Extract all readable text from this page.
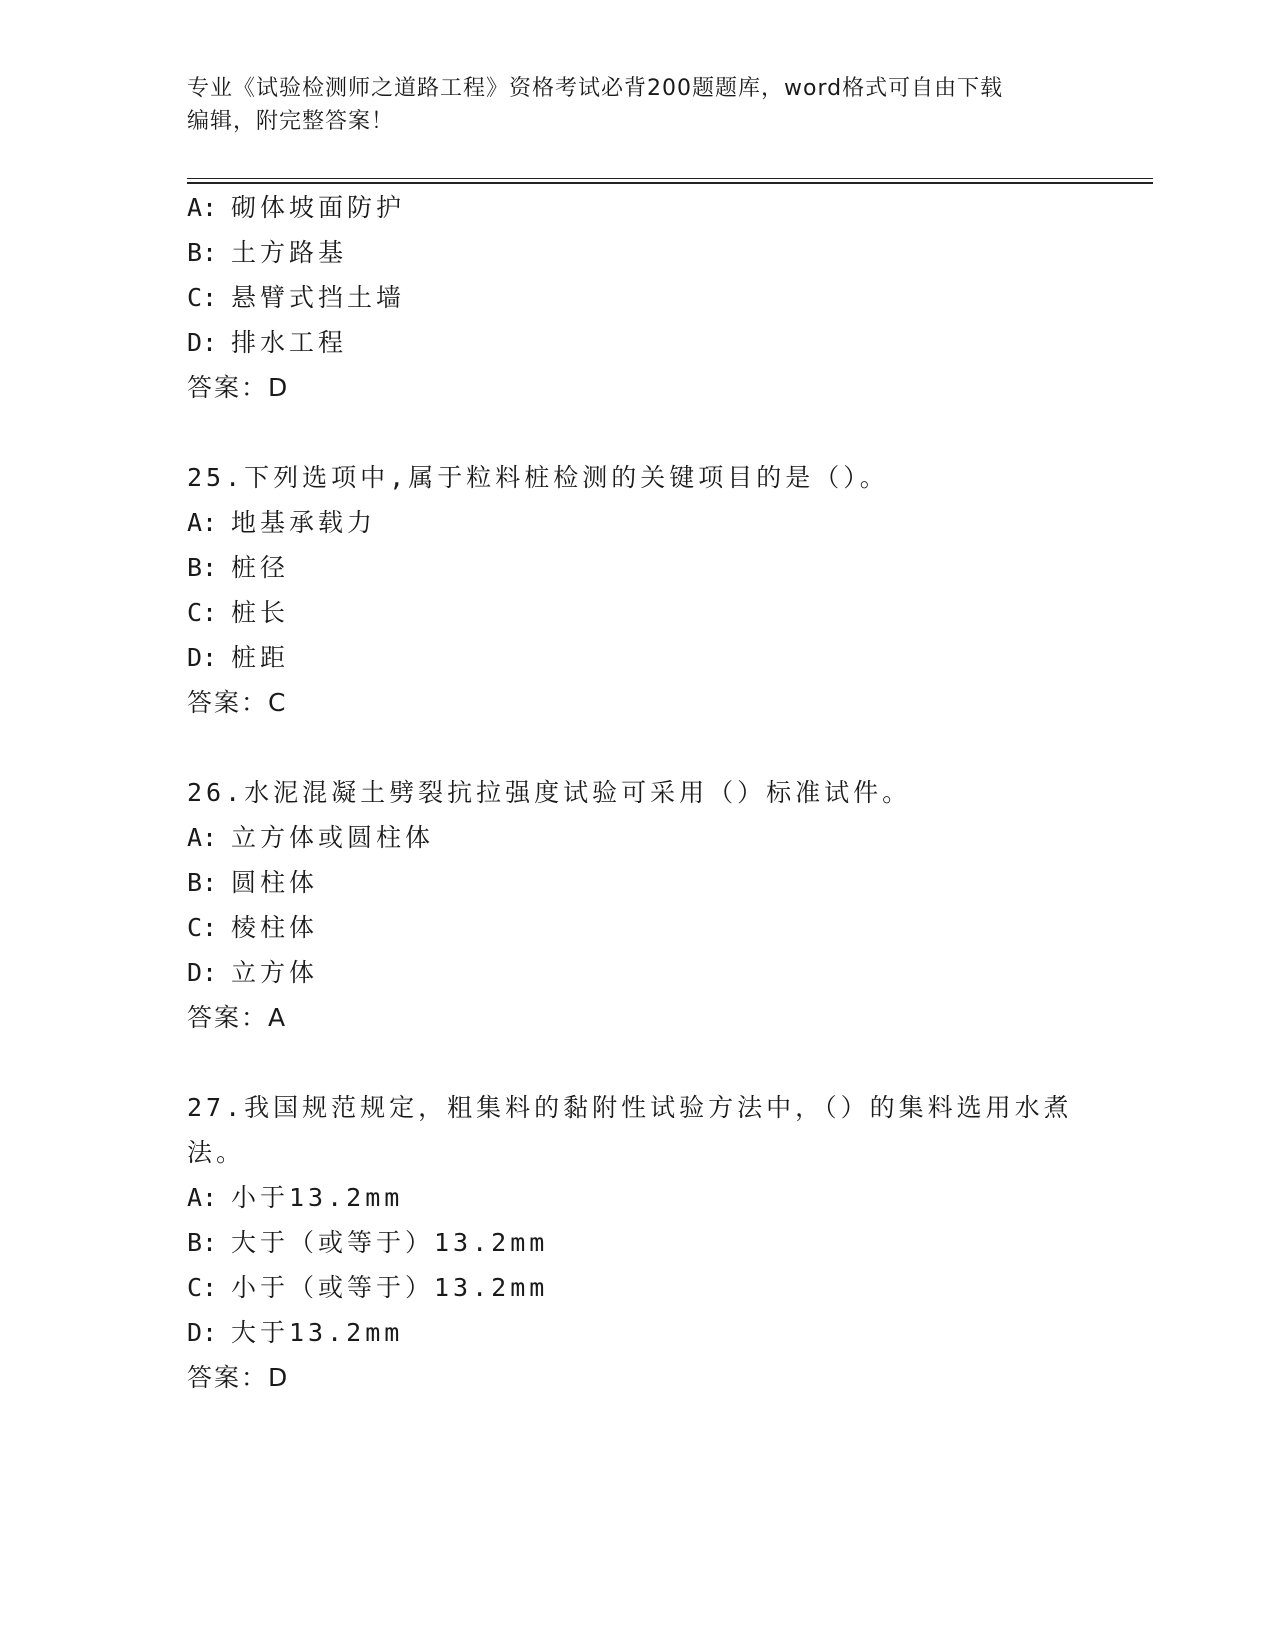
专业《试验检测师之道路工程》资格考试必背200题题库，word格式可自由下载
编辑，附完整答案！
A: 砌体坡面防护
B: 土方路基
C: 悬臂式挡土墙
D: 排水工程
答案：D
25.下列选项中,属于粒料桩检测的关键项目的是（）。
A: 地基承载力
B: 桩径
C: 桩长
D: 桩距
答案：C
26.水泥混凝土劈裂抗拉强度试验可采用（）标准试件。
A: 立方体或圆柱体
B: 圆柱体
C: 棱柱体
D: 立方体
答案：A
27.我国规范规定，粗集料的黏附性试验方法中，（）的集料选用水煮
法。
A: 小于13.2mm
B: 大于（或等于）13.2mm
C: 小于（或等于）13.2mm
D: 大于13.2mm
答案：D
